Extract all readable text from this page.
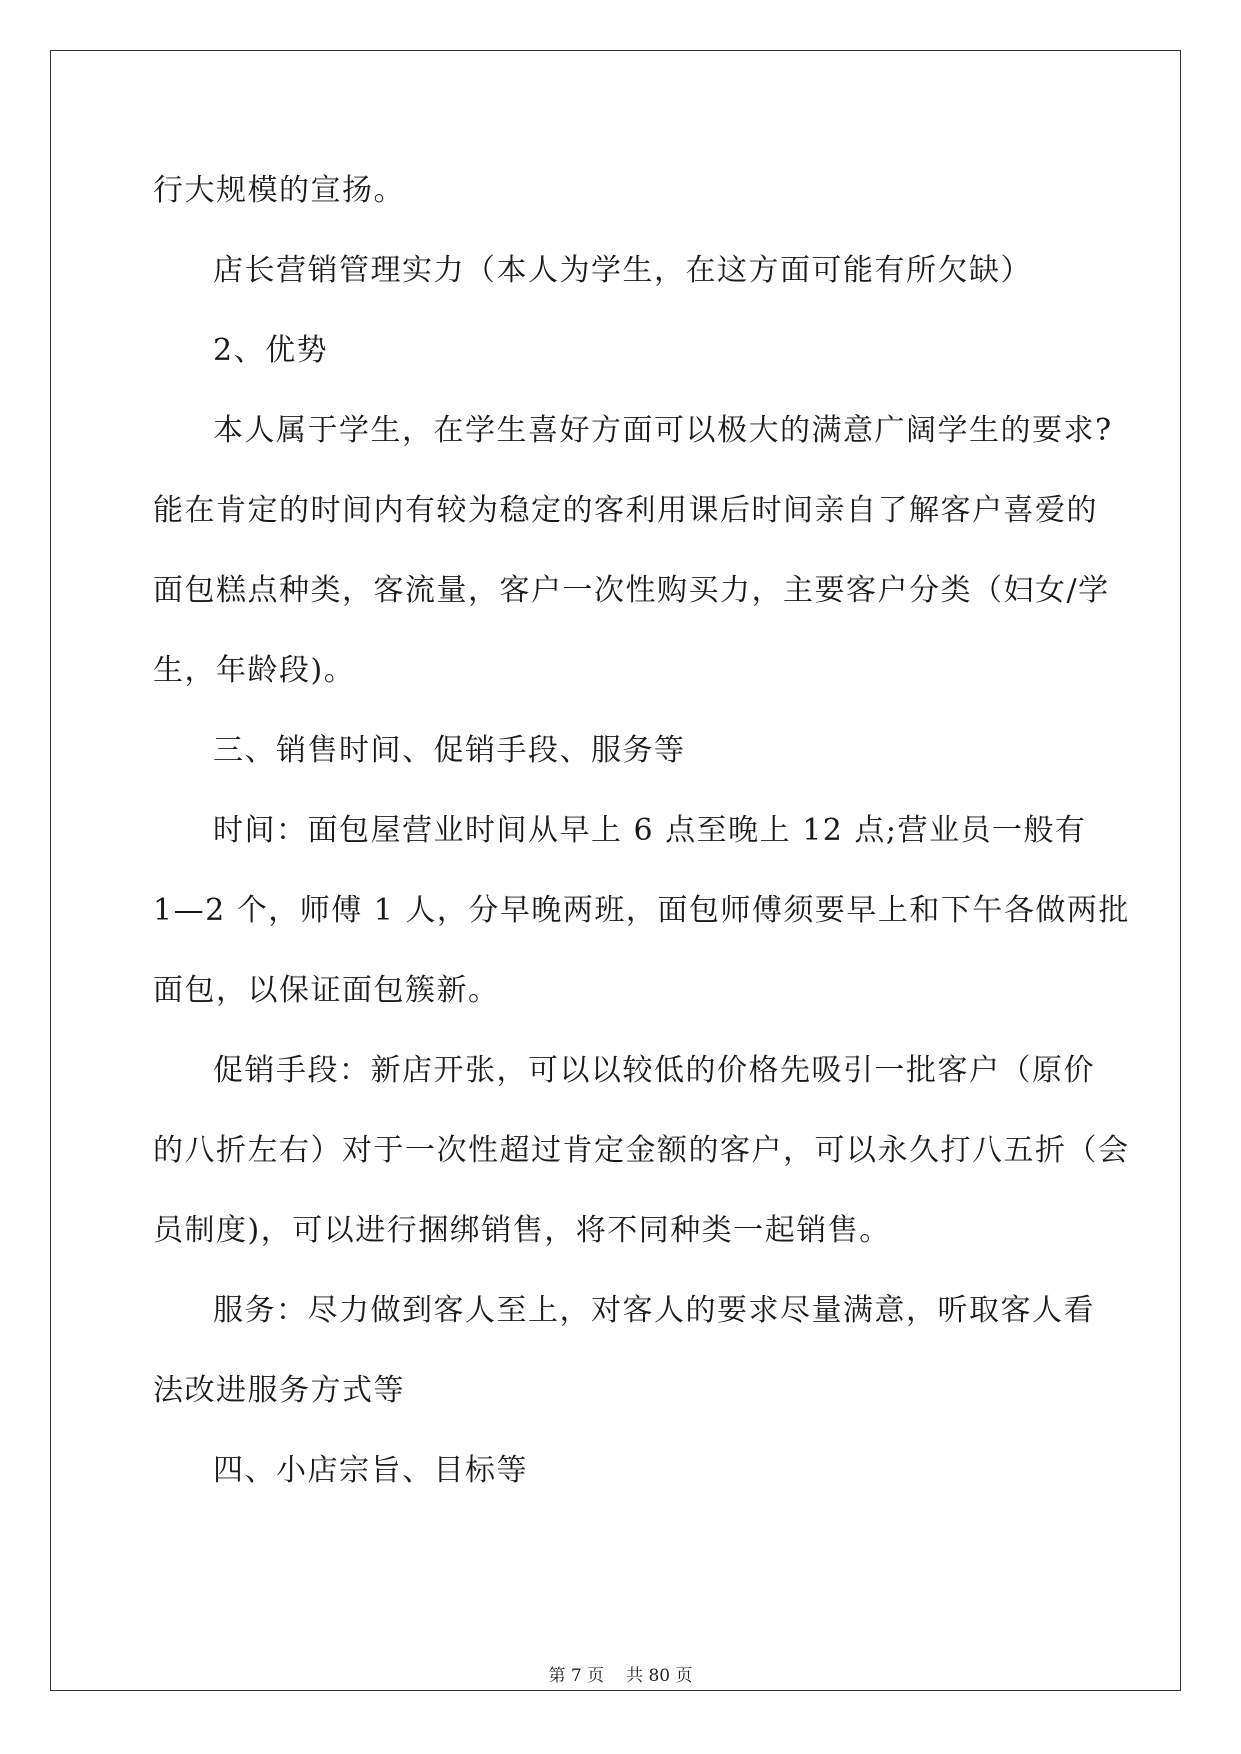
行大规模的宣扬。
店长营销管理实力（本人为学生，在这方面可能有所欠缺）
2、优势
本人属于学生，在学生喜好方面可以极大的满意广阔学生的要求?
能在肯定的时间内有较为稳定的客利用课后时间亲自了解客户喜爱的
面包糕点种类，客流量，客户一次性购买力，主要客户分类（妇女/学
生，年龄段)。
三、销售时间、促销手段、服务等
时间：面包屋营业时间从早上 6 点至晚上 12 点;营业员一般有
1—2 个，师傅 1 人，分早晚两班，面包师傅须要早上和下午各做两批
面包，以保证面包簇新。
促销手段：新店开张，可以以较低的价格先吸引一批客户（原价
的八折左右）对于一次性超过肯定金额的客户，可以永久打八五折（会
员制度)，可以进行捆绑销售，将不同种类一起销售。
服务：尽力做到客人至上，对客人的要求尽量满意，听取客人看
法改进服务方式等
四、小店宗旨、目标等
第 7 页 共 80 页
